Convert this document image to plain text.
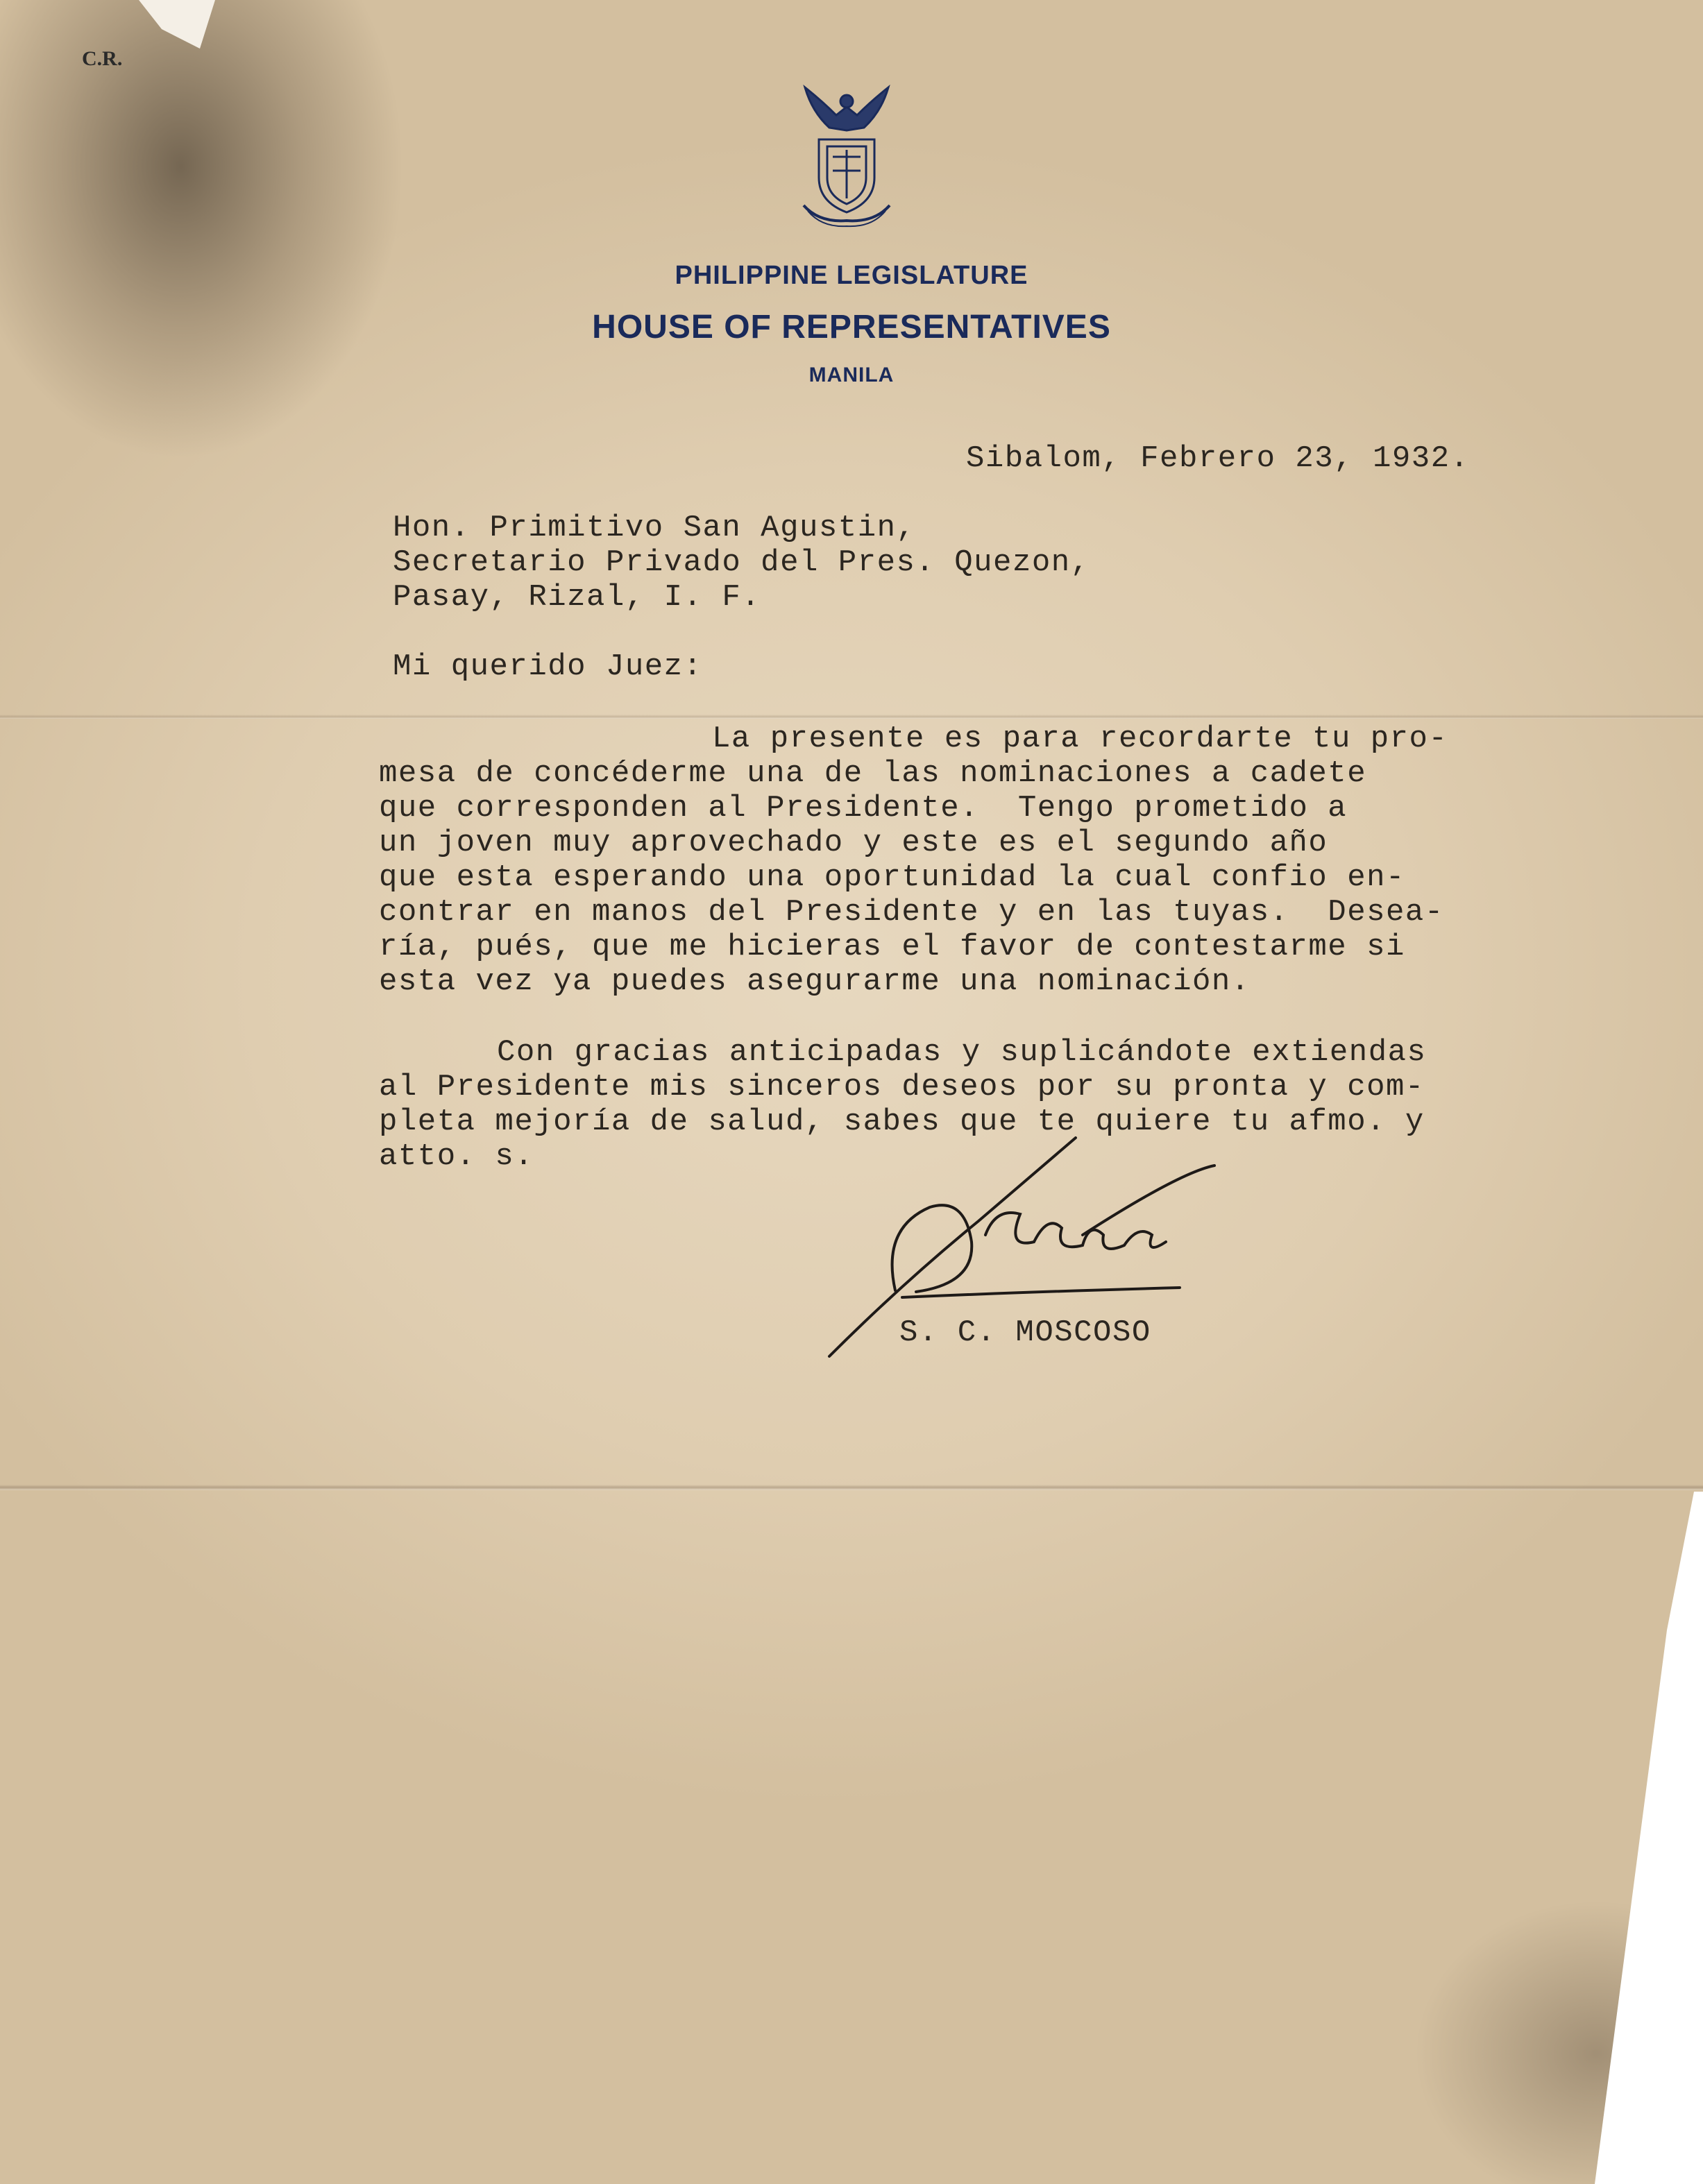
C.R.
PHILIPPINE LEGISLATURE
HOUSE OF REPRESENTATIVES
MANILA
Sibalom, Febrero 23, 1932.
Hon. Primitivo San Agustin,
Secretario Privado del Pres. Quezon,
Pasay, Rizal, I. F.
Mi querido Juez:
La presente es para recordarte tu pro-
mesa de concéderme una de las nominaciones a cadete
que corresponden al Presidente.  Tengo prometido a
un joven muy aprovechado y este es el segundo año
que esta esperando una oportunidad la cual confio en-
contrar en manos del Presidente y en las tuyas.  Desea-
ría, pués, que me hicieras el favor de contestarme si
esta vez ya puedes asegurarme una nominación.
Con gracias anticipadas y suplicándote extiendas
al Presidente mis sinceros deseos por su pronta y com-
pleta mejoría de salud, sabes que te quiere tu afmo. y
atto. s.
S. C. MOSCOSO
